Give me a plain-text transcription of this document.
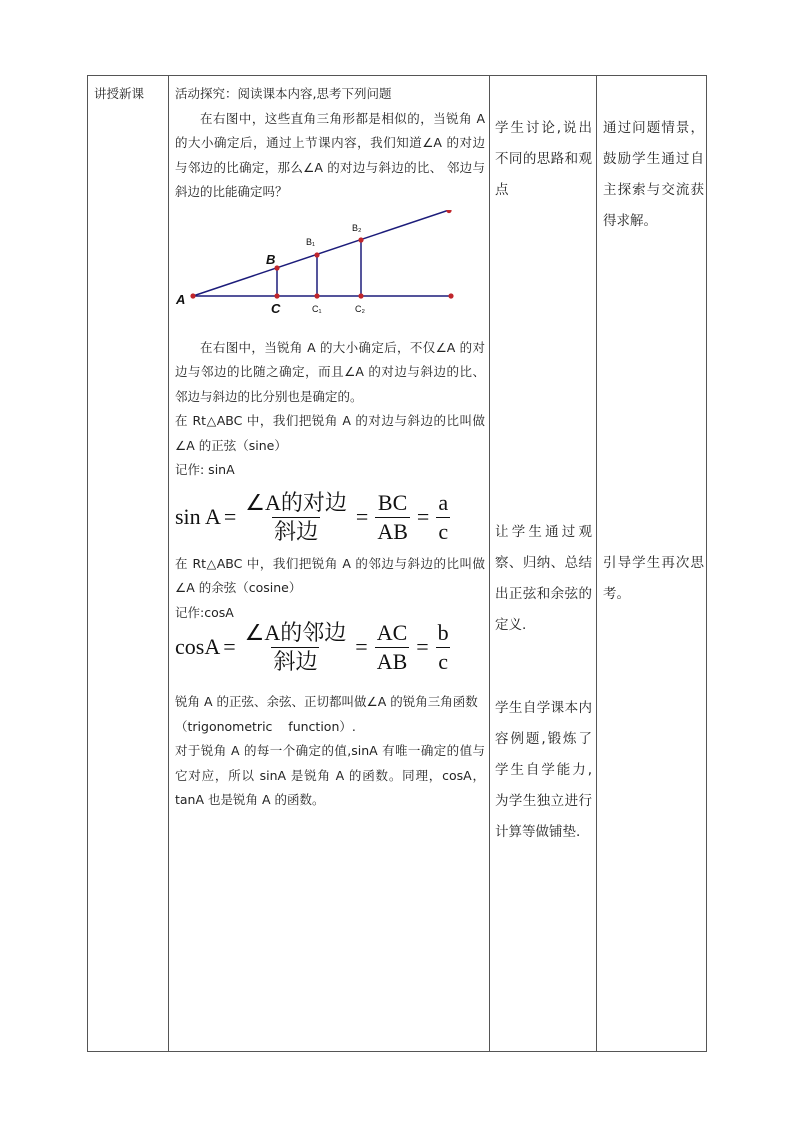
讲授新课	活动探究：阅读课本内容,思考下列问题

在右图中，这些直角三角形都是相似的，当锐角 A 的大小确定后，通过上节课内容，我们知道∠A 的对边与邻边的比确定，那么∠A 的对边与斜边的比、 邻边与斜边的比能确定吗？

A
B
C
B₁
C₁
B₂
C₂

在右图中，当锐角 A 的大小确定后，不仅∠A 的对边与邻边的比随之确定，而且∠A 的对边与斜边的比、 邻边与斜边的比分别也是确定的。

在 Rt△ABC 中，我们把锐角 A 的对边与斜边的比叫做∠A 的正弦（sine）

记作: sinA

$\sin A = \frac{\text{∠A的对边}}{\text{斜边}} = \frac{BC}{AB} = \frac{a}{c}$

在 Rt△ABC 中，我们把锐角 A 的邻边与斜边的比叫做∠A 的余弦（cosine）

记作:cosA

$\cos A = \frac{\text{∠A的邻边}}{\text{斜边}} = \frac{AC}{AB} = \frac{b}{c}$

锐角 A 的正弦、余弦、正切都叫做∠A 的锐角三角函数

（trigonometric    function）.

对于锐角 A 的每一个确定的值,sinA 有唯一确定的值与它对应，所以 sinA 是锐角 A 的函数。同理，cosA，tanA 也是锐角 A 的函数。

学生讨论,说出不同的思路和观点

让学生通过观察、归纳、总结出正弦和余弦的定义.

学生自学课本内容例题,锻炼了学生自学能力,为学生独立进行计算等做铺垫.

通过问题情景，鼓励学生通过自主探索与交流获得求解。

引导学生再次思考。
